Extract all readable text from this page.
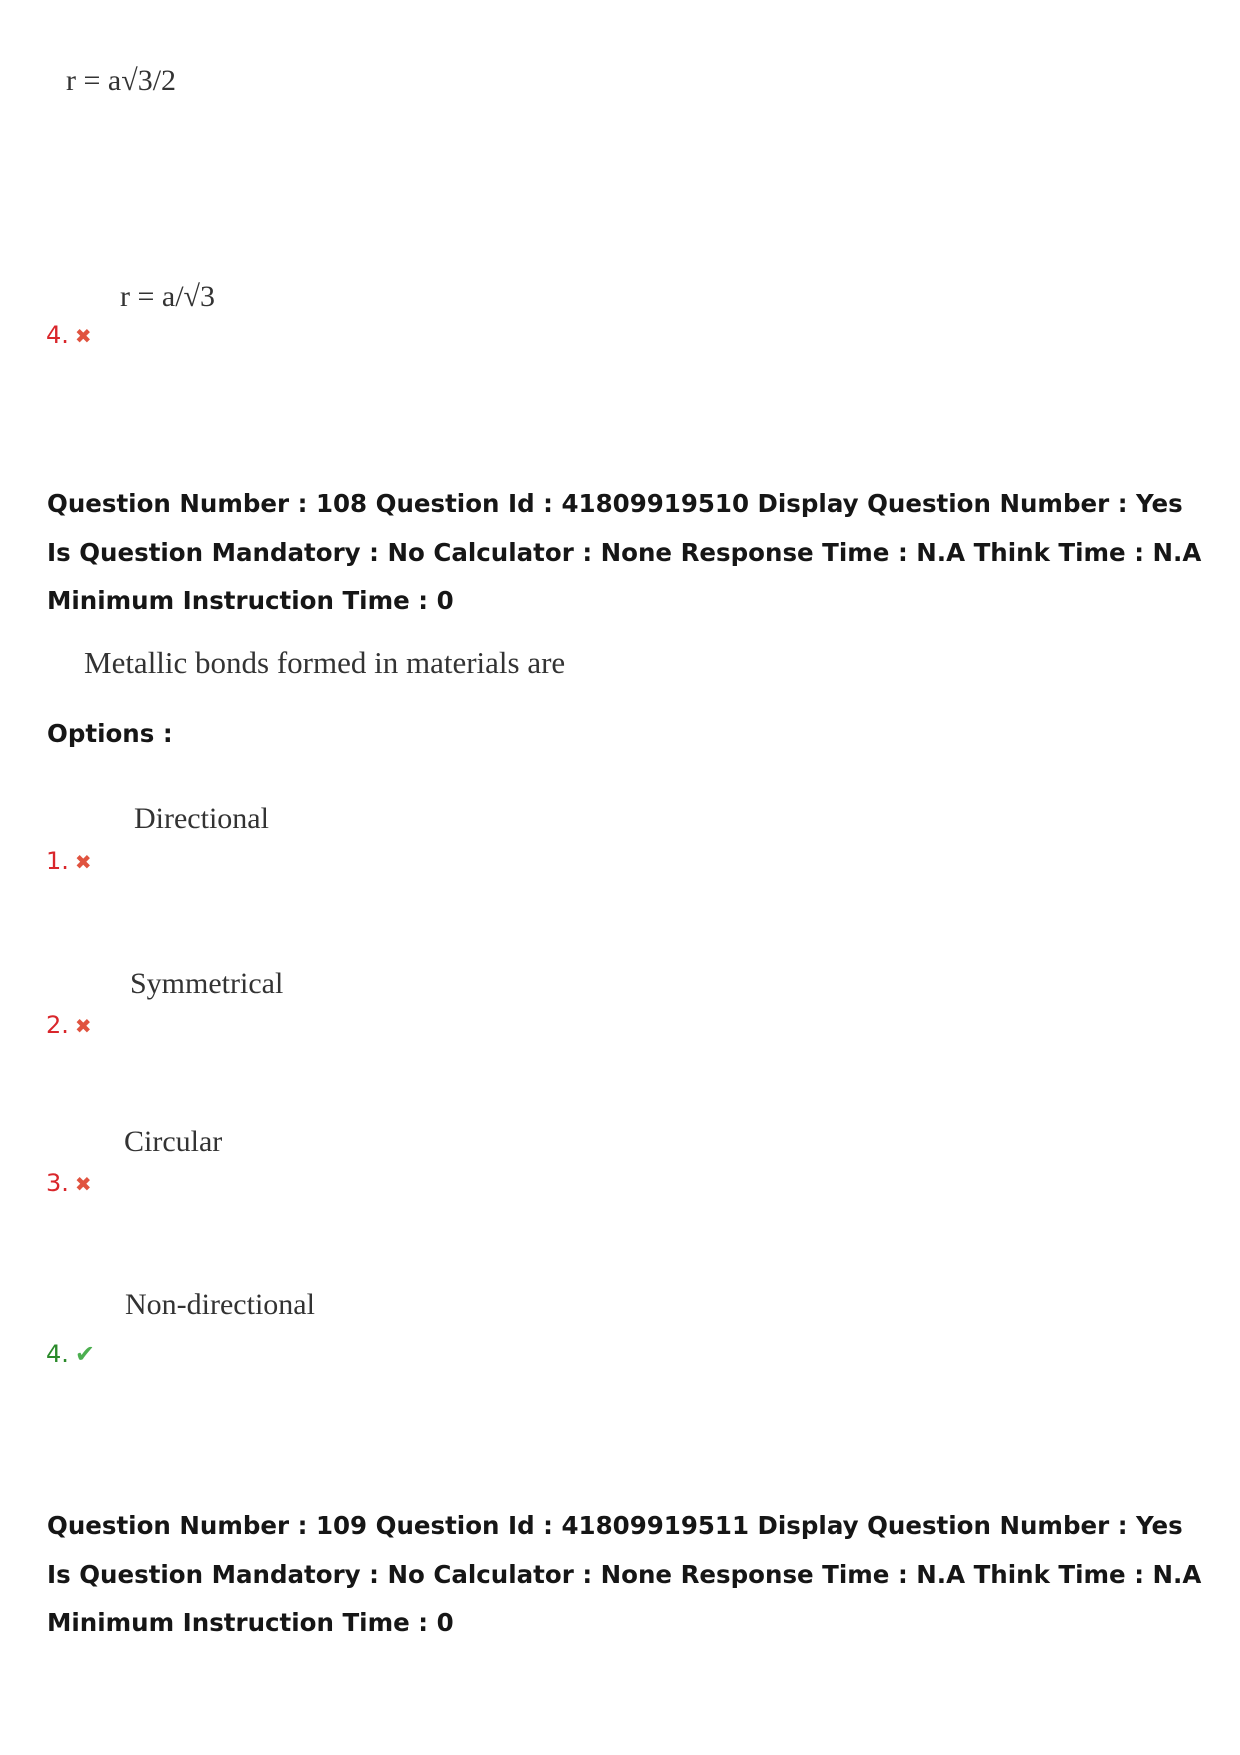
r = a√3/2
r = a/√3
4. ✖
Question Number : 108 Question Id : 41809919510 Display Question Number : Yes Is Question Mandatory : No Calculator : None Response Time : N.A Think Time : N.A Minimum Instruction Time : 0
Metallic bonds formed in materials are
Options :
Directional
1. ✖
Symmetrical
2. ✖
Circular
3. ✖
Non-directional
4. ✔
Question Number : 109 Question Id : 41809919511 Display Question Number : Yes Is Question Mandatory : No Calculator : None Response Time : N.A Think Time : N.A Minimum Instruction Time : 0
